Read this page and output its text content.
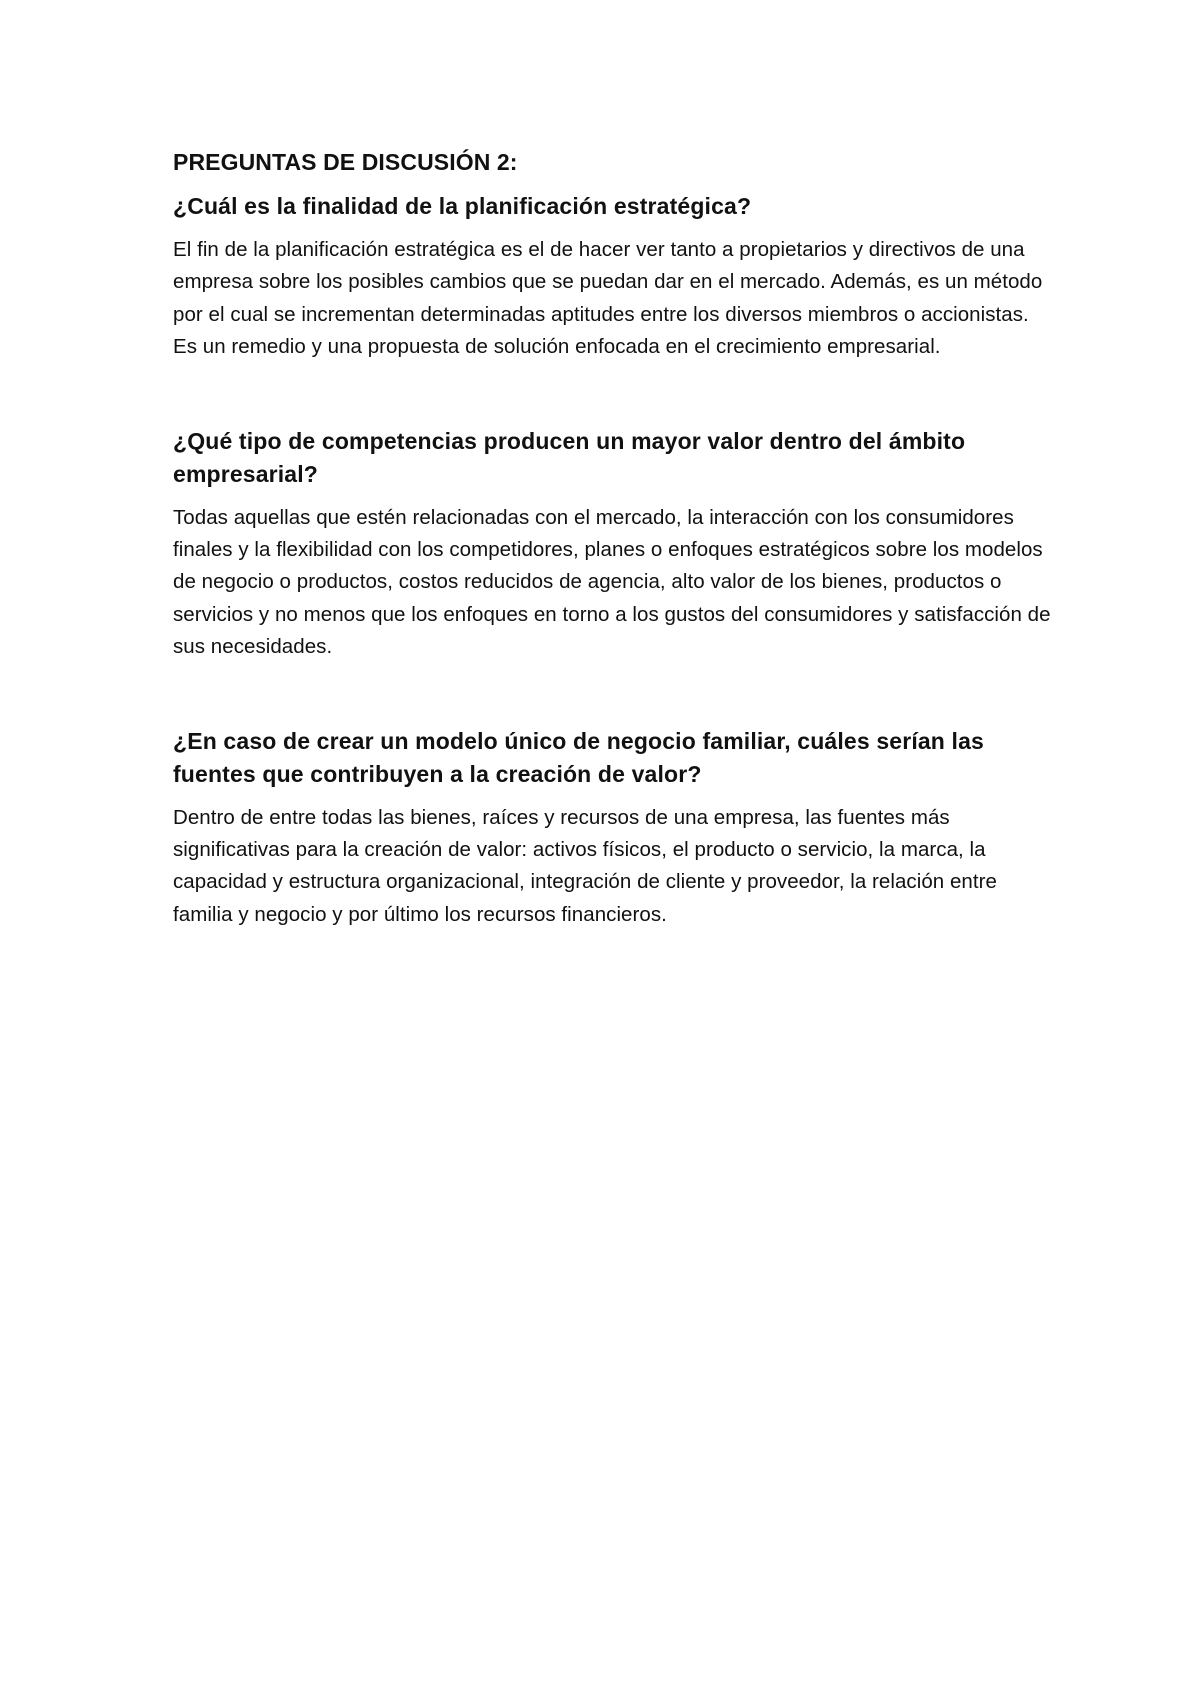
PREGUNTAS DE DISCUSIÓN 2:
¿Cuál es la finalidad de la planificación estratégica?

El fin de la planificación estratégica es el de hacer ver tanto a propietarios y directivos de una empresa sobre los posibles cambios que se puedan dar en el mercado. Además, es un método por el cual se incrementan determinadas aptitudes entre los diversos miembros o accionistas. Es un remedio y una propuesta de solución enfocada en el crecimiento empresarial.

¿Qué tipo de competencias producen un mayor valor dentro del ámbito empresarial?

Todas aquellas que estén relacionadas con el mercado, la interacción con los consumidores finales y la flexibilidad con los competidores, planes o enfoques estratégicos sobre los modelos de negocio o productos, costos reducidos de agencia, alto valor de los bienes, productos o servicios y no menos que los enfoques en torno a los gustos del consumidores y satisfacción de sus necesidades.

¿En caso de crear un modelo único de negocio familiar, cuáles serían las fuentes que contribuyen a la creación de valor?

Dentro de entre todas las bienes, raíces y recursos de una empresa, las fuentes más significativas para la creación de valor: activos físicos, el producto o servicio, la marca, la capacidad y estructura organizacional, integración de cliente y proveedor, la relación entre familia y negocio y por último los recursos financieros.
